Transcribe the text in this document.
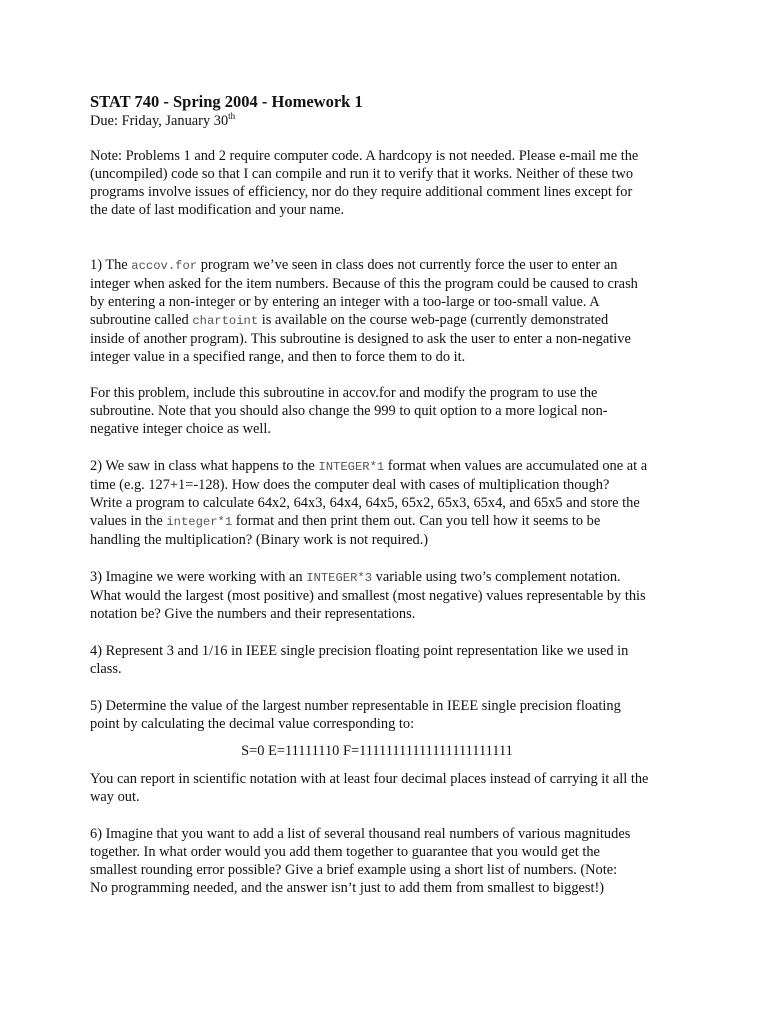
STAT 740 - Spring 2004 - Homework 1
Due: Friday, January 30th

Note: Problems 1 and 2 require computer code. A hardcopy is not needed. Please e-mail me the
(uncompiled) code so that I can compile and run it to verify that it works. Neither of these two
programs involve issues of efficiency, nor do they require additional comment lines except for
the date of last modification and your name.

1) The accov.for program we’ve seen in class does not currently force the user to enter an
integer when asked for the item numbers. Because of this the program could be caused to crash
by entering a non-integer or by entering an integer with a too-large or too-small value. A
subroutine called chartoint is available on the course web-page (currently demonstrated
inside of another program). This subroutine is designed to ask the user to enter a non-negative
integer value in a specified range, and then to force them to do it.

For this problem, include this subroutine in accov.for and modify the program to use the
subroutine. Note that you should also change the 999 to quit option to a more logical non-
negative integer choice as well.

2) We saw in class what happens to the INTEGER*1 format when values are accumulated one at a
time (e.g. 127+1=-128). How does the computer deal with cases of multiplication though?
Write a program to calculate 64x2, 64x3, 64x4, 64x5, 65x2, 65x3, 65x4, and 65x5 and store the
values in the integer*1 format and then print them out. Can you tell how it seems to be
handling the multiplication? (Binary work is not required.)

3) Imagine we were working with an INTEGER*3 variable using two’s complement notation.
What would the largest (most positive) and smallest (most negative) values representable by this
notation be? Give the numbers and their representations.

4) Represent 3 and 1/16 in IEEE single precision floating point representation like we used in
class.

5) Determine the value of the largest number representable in IEEE single precision floating
point by calculating the decimal value corresponding to:

S=0 E=11111110 F=11111111111111111111111

You can report in scientific notation with at least four decimal places instead of carrying it all the
way out.

6) Imagine that you want to add a list of several thousand real numbers of various magnitudes
together. In what order would you add them together to guarantee that you would get the
smallest rounding error possible? Give a brief example using a short list of numbers. (Note:
No programming needed, and the answer isn’t just to add them from smallest to biggest!)
